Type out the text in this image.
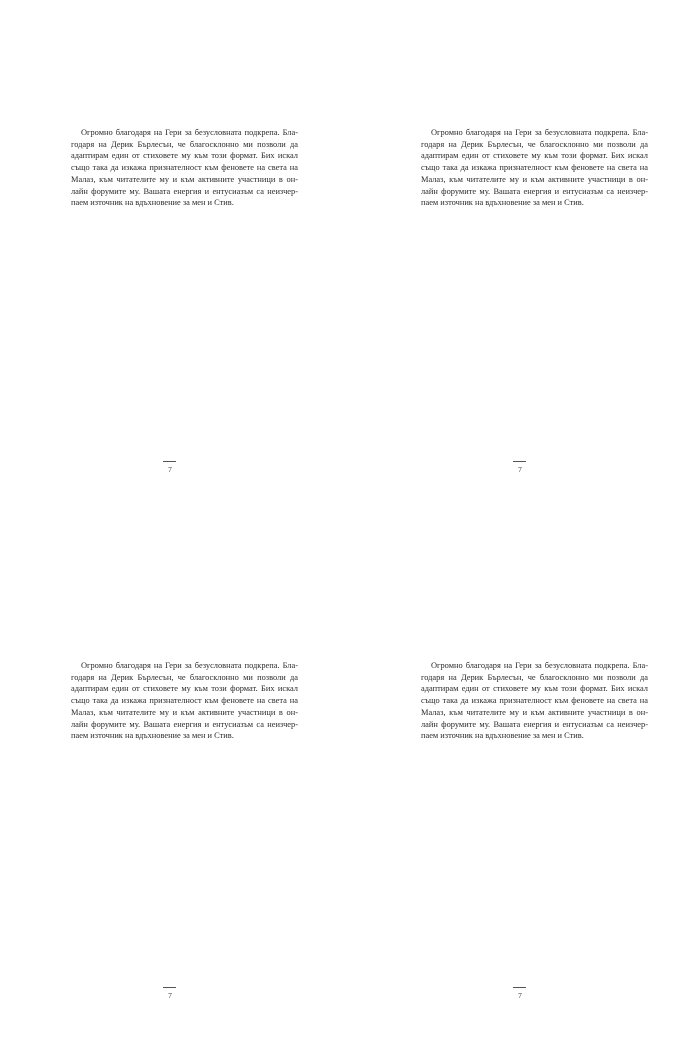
Огромно благодаря на Гери за безусловната подкрепа. Благодаря на Дерик Бърлесън, че благосклонно ми позволи да адаптирам един от стиховете му към този формат. Бих искал също така да изкажа признателност към феновете на света на Малаз, към читателите му и към активните участници в онлайн форумите му. Вашата енергия и ентусиазъм са неизчерпаем източник на вдъхновение за мен и Стив.

7

Огромно благодаря на Гери за безусловната подкрепа. Благодаря на Дерик Бърлесън, че благосклонно ми позволи да адаптирам един от стиховете му към този формат. Бих искал също така да изкажа признателност към феновете на света на Малаз, към читателите му и към активните участници в онлайн форумите му. Вашата енергия и ентусиазъм са неизчерпаем източник на вдъхновение за мен и Стив.

7

Огромно благодаря на Гери за безусловната подкрепа. Благодаря на Дерик Бърлесън, че благосклонно ми позволи да адаптирам един от стиховете му към този формат. Бих искал също така да изкажа признателност към феновете на света на Малаз, към читателите му и към активните участници в онлайн форумите му. Вашата енергия и ентусиазъм са неизчерпаем източник на вдъхновение за мен и Стив.

7

Огромно благодаря на Гери за безусловната подкрепа. Благодаря на Дерик Бърлесън, че благосклонно ми позволи да адаптирам един от стиховете му към този формат. Бих искал също така да изкажа признателност към феновете на света на Малаз, към читателите му и към активните участници в онлайн форумите му. Вашата енергия и ентусиазъм са неизчерпаем източник на вдъхновение за мен и Стив.

7
